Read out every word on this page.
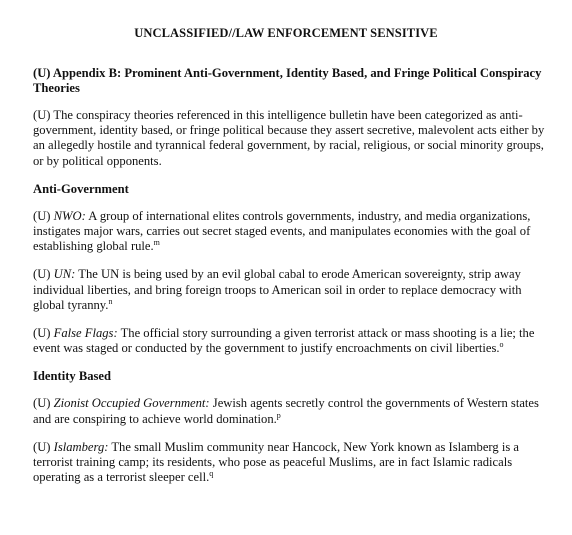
UNCLASSIFIED//LAW ENFORCEMENT SENSITIVE
(U) Appendix B: Prominent Anti-Government, Identity Based, and Fringe Political Conspiracy Theories

(U) The conspiracy theories referenced in this intelligence bulletin have been categorized as anti-government, identity based, or fringe political because they assert secretive, malevolent acts either by an allegedly hostile and tyrannical federal government, by racial, religious, or social minority groups, or by political opponents.

Anti-Government

(U) NWO: A group of international elites controls governments, industry, and media organizations, instigates major wars, carries out secret staged events, and manipulates economies with the goal of establishing global rule.$^m$

(U) UN: The UN is being used by an evil global cabal to erode American sovereignty, strip away individual liberties, and bring foreign troops to American soil in order to replace democracy with global tyranny.$^n$

(U) False Flags: The official story surrounding a given terrorist attack or mass shooting is a lie; the event was staged or conducted by the government to justify encroachments on civil liberties.$^o$

Identity Based

(U) Zionist Occupied Government: Jewish agents secretly control the governments of Western states and are conspiring to achieve world domination.$^p$

(U) Islamberg: The small Muslim community near Hancock, New York known as Islamberg is a terrorist training camp; its residents, who pose as peaceful Muslims, are in fact Islamic radicals operating as a terrorist sleeper cell.$^q$
